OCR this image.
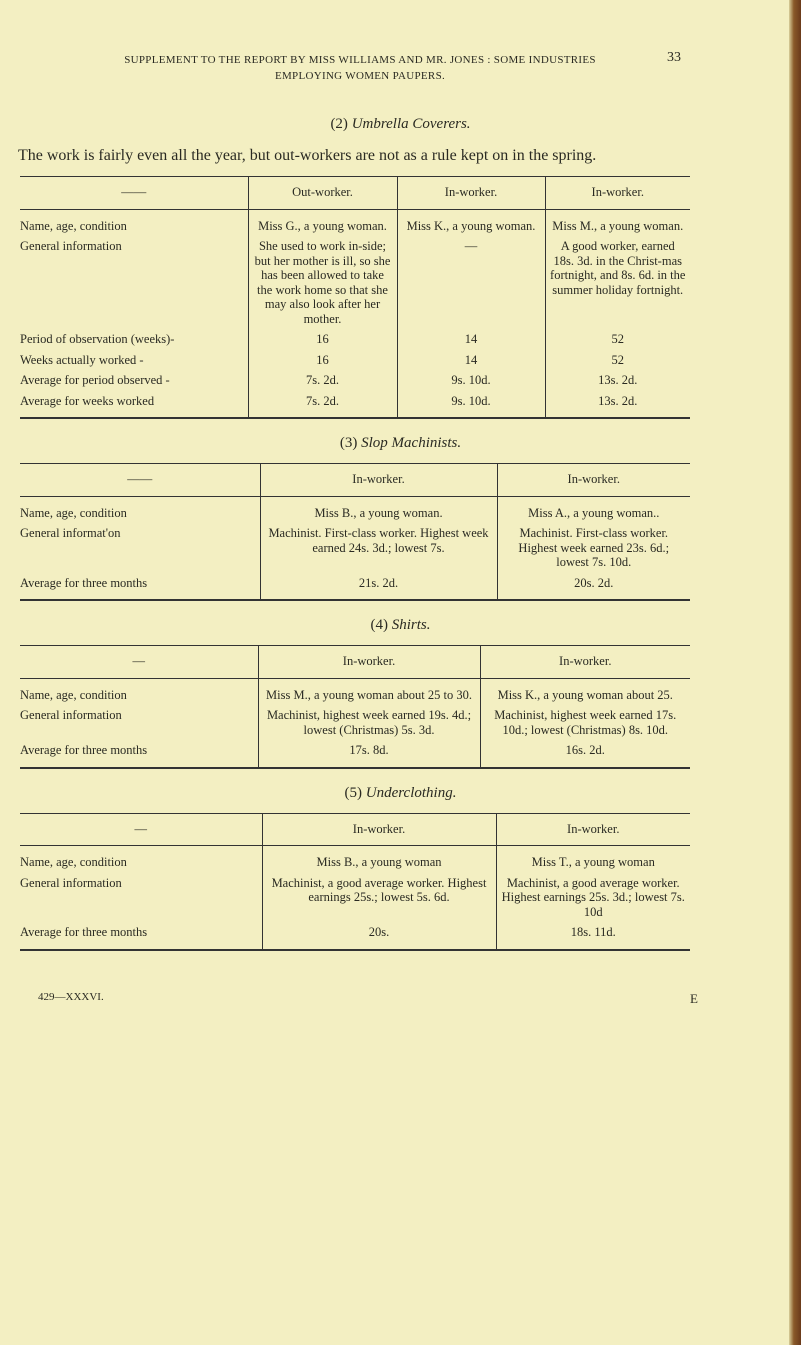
SUPPLEMENT TO THE REPORT BY MISS WILLIAMS AND MR. JONES : SOME INDUSTRIES
EMPLOYING WOMEN PAUPERS.
33
(2) Umbrella Coverers.
The work is fairly even all the year, but out-workers are not as a rule kept on in the spring.
——	Out-worker.	In-worker.	In-worker.
Name, age, condition	Miss G., a young woman.	Miss K., a young woman.	Miss M., a young woman.
General information	She used to work in-side; but her mother is ill, so she has been allowed to take the work home so that she may also look after her mother.	—	A good worker, earned 18s. 3d. in the Christ-mas fortnight, and 8s. 6d. in the summer holiday fortnight.
Period of observation (weeks)-	16	14	52
Weeks actually worked -	16	14	52
Average for period observed -	7s. 2d.	9s. 10d.	13s. 2d.
Average for weeks worked	7s. 2d.	9s. 10d.	13s. 2d.
(3) Slop Machinists.
——	In-worker.	In-worker.
Name, age, condition	Miss B., a young woman.	Miss A., a young woman..
General informat'on	Machinist. First-class worker. Highest week earned 24s. 3d.; lowest 7s.	Machinist. First-class worker. Highest week earned 23s. 6d.; lowest 7s. 10d.
Average for three months	21s. 2d.	20s. 2d.
(4) Shirts.
—	In-worker.	In-worker.
Name, age, condition	Miss M., a young woman about 25 to 30.	Miss K., a young woman about 25.
General information	Machinist, highest week earned 19s. 4d.; lowest (Christmas) 5s. 3d.	Machinist, highest week earned 17s. 10d.; lowest (Christmas) 8s. 10d.
Average for three months	17s. 8d.	16s. 2d.
(5) Underclothing.
—	In-worker.	In-worker.
Name, age, condition	Miss B., a young woman	Miss T., a young woman
General information	Machinist, a good average worker. Highest earnings 25s.; lowest 5s. 6d.	Machinist, a good average worker. Highest earnings 25s. 3d.; lowest 7s. 10d
Average for three months	20s.	18s. 11d.
429—XXXVI.	E
